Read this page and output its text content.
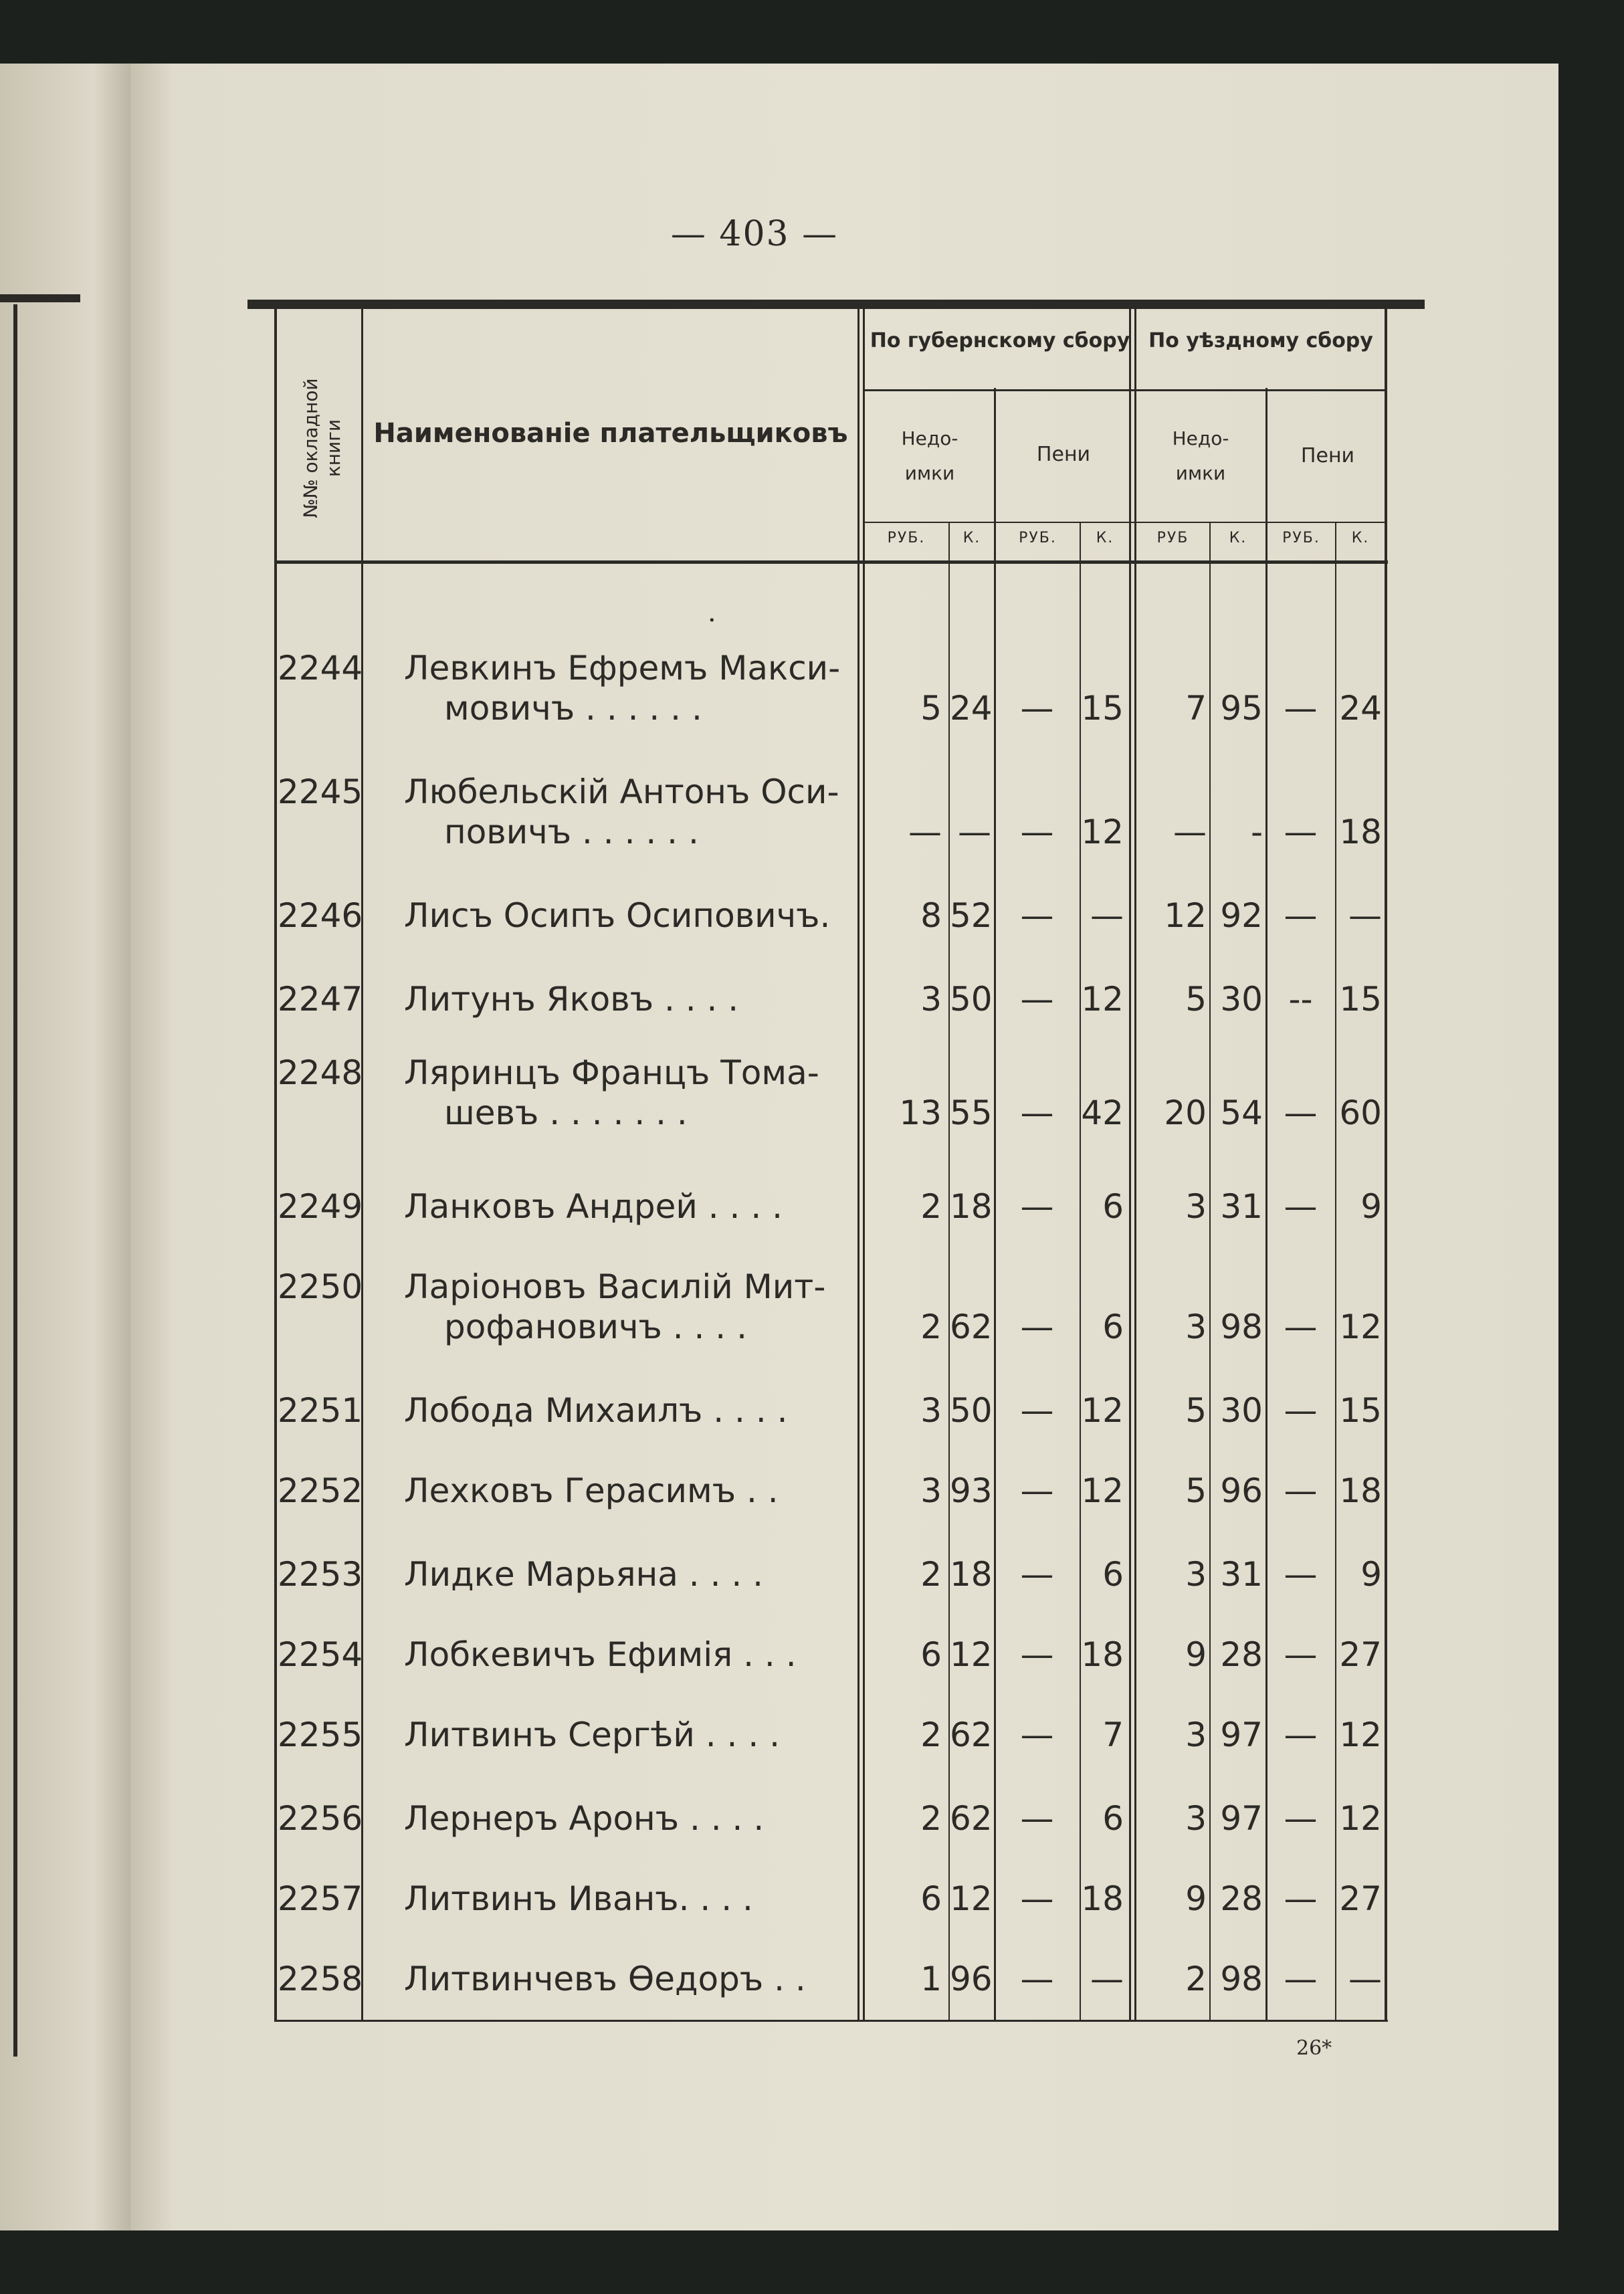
— 403 —
№№ окладной книги Наименованіе плательщиковъ
По губернскому сбору По уѣздному сбору
Недо- имки
Пени
Недо- имки
Пени
РУБ.	К.	РУБ.	К.	РУБ	К.	РУБ.	К.
·
2244 Левкинъ Ефремъ Макси-
мовичъ . . . . . .	5 24 — 15	7 95 — 24
2245 Любельскій Антонъ Оси-
повичъ . . . . . .	— — — 12	—	- — 18
2246 Лисъ Осипъ Осиповичъ.	8 52 —	—	12 92 — —
2247 Литунъ Яковъ . . . .	3 50 — 12	5 30 -- 15
2248 Ляринцъ Францъ Тома-
шевъ . . . . . . .	13 55 — 42	20 54 — 60
2249 Ланковъ Андрей . . . .	2 18 —	6	3 31 —	9
2250 Ларіоновъ Василій Мит-
рофановичъ . . . .	2 62 —	6	3 98 — 12
2251 Лобода Михаилъ . . . .	3 50 — 12	5 30 — 15
2252 Лехковъ Герасимъ . .	3 93 — 12	5 96 — 18
2253 Лидке Марьяна . . . .	2 18 —	6	3 31 —	9
2254 Лобкевичъ Ефимія . . .	6 12 — 18	9 28 — 27
2255 Литвинъ Сергѣй . . . .	2 62 —	7	3 97 — 12
2256 Лернеръ Аронъ . . . .	2 62 —	6	3 97 — 12
2257 Литвинъ Иванъ. . . .	6 12 — 18	9 28 — 27
2258 Литвинчевъ Ѳедоръ . .	1 96 —	—	2 98 — —
26*
